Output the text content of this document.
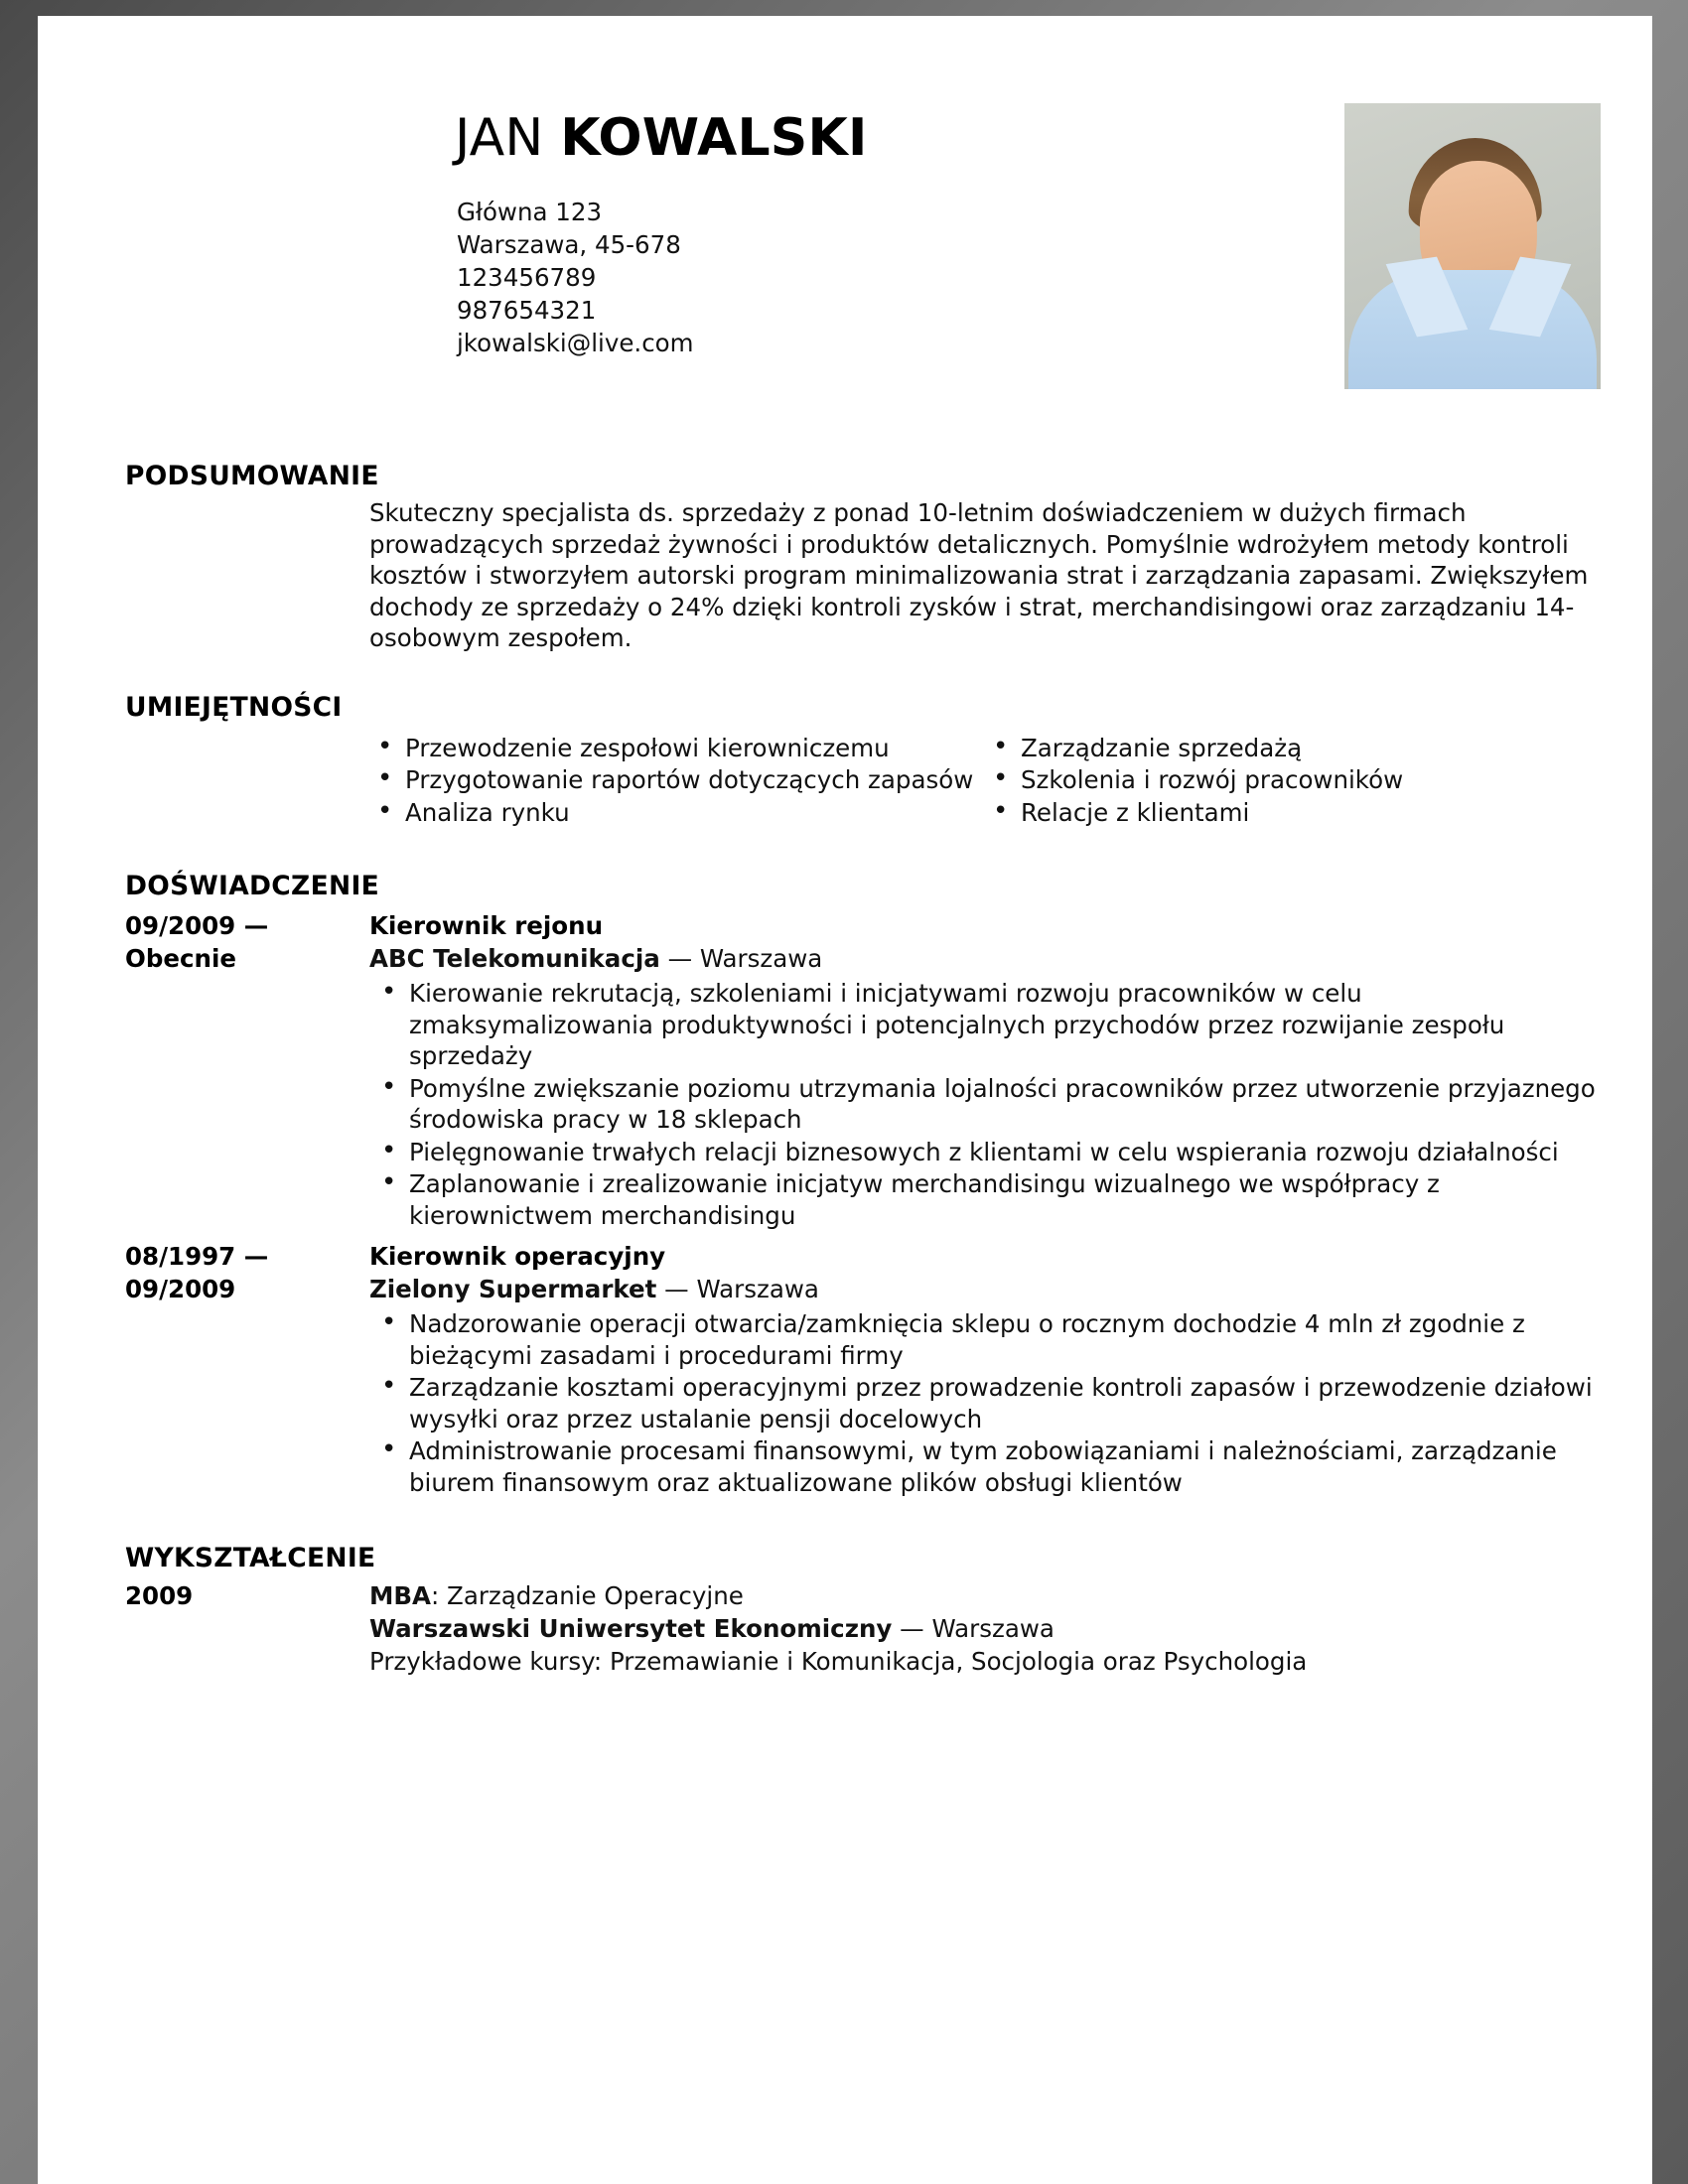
JAN KOWALSKI
Główna 123
Warszawa, 45-678
123456789
987654321
jkowalski@live.com
PODSUMOWANIE
Skuteczny specjalista ds. sprzedaży z ponad 10-letnim doświadczeniem w dużych firmach prowadzących sprzedaż żywności i produktów detalicznych. Pomyślnie wdrożyłem metody kontroli kosztów i stworzyłem autorski program minimalizowania strat i zarządzania zapasami. Zwiększyłem dochody ze sprzedaży o 24% dzięki kontroli zysków i strat, merchandisingowi oraz zarządzaniu 14-osobowym zespołem.
UMIEJĘTNOŚCI
• Przewodzenie zespołowi kierowniczemu
• Przygotowanie raportów dotyczących zapasów
• Analiza rynku
• Zarządzanie sprzedażą
• Szkolenia i rozwój pracowników
• Relacje z klientami
DOŚWIADCZENIE
09/2009 —
Obecnie
Kierownik rejonu
ABC Telekomunikacja — Warszawa
• Kierowanie rekrutacją, szkoleniami i inicjatywami rozwoju pracowników w celu zmaksymalizowania produktywności i potencjalnych przychodów przez rozwijanie zespołu sprzedaży
• Pomyślne zwiększanie poziomu utrzymania lojalności pracowników przez utworzenie przyjaznego środowiska pracy w 18 sklepach
• Pielęgnowanie trwałych relacji biznesowych z klientami w celu wspierania rozwoju działalności
• Zaplanowanie i zrealizowanie inicjatyw merchandisingu wizualnego we współpracy z kierownictwem merchandisingu
08/1997 —
09/2009
Kierownik operacyjny
Zielony Supermarket — Warszawa
• Nadzorowanie operacji otwarcia/zamknięcia sklepu o rocznym dochodzie 4 mln zł zgodnie z bieżącymi zasadami i procedurami firmy
• Zarządzanie kosztami operacyjnymi przez prowadzenie kontroli zapasów i przewodzenie działowi wysyłki oraz przez ustalanie pensji docelowych
• Administrowanie procesami finansowymi, w tym zobowiązaniami i należnościami, zarządzanie biurem finansowym oraz aktualizowane plików obsługi klientów
WYKSZTAŁCENIE
2009	MBA: Zarządzanie Operacyjne
Warszawski Uniwersytet Ekonomiczny — Warszawa
Przykładowe kursy: Przemawianie i Komunikacja, Socjologia oraz Psychologia
